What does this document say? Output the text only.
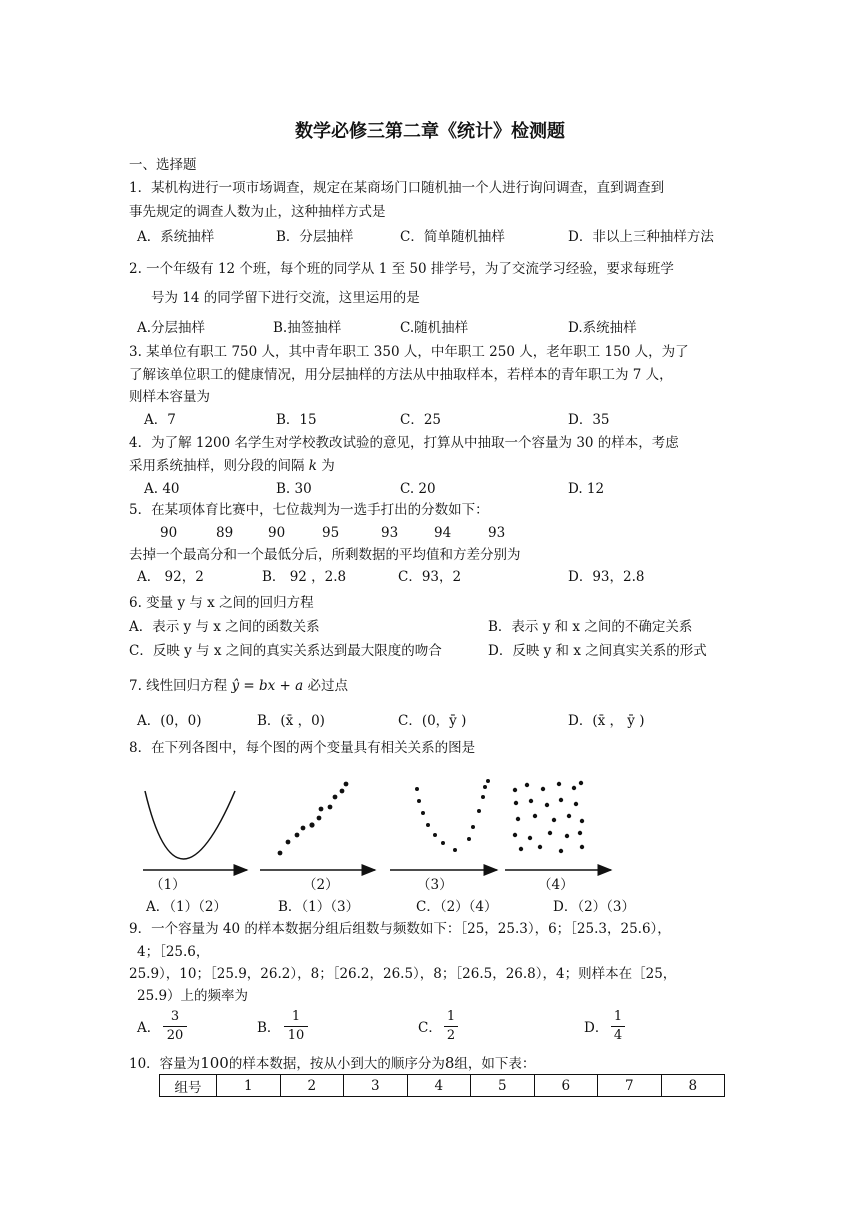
数学必修三第二章《统计》检测题
一、选择题
1．某机构进行一项市场调查，规定在某商场门口随机抽一个人进行询问调查，直到调查到
事先规定的调查人数为止，这种抽样方式是
A．系统抽样	B．分层抽样	C．简单随机抽样	D．非以上三种抽样方法
2. 一个年级有 12 个班，每个班的同学从 1 至 50 排学号，为了交流学习经验，要求每班学
号为 14 的同学留下进行交流，这里运用的是
A.分层抽样	B.抽签抽样	C.随机抽样	D.系统抽样
3. 某单位有职工 750 人，其中青年职工 350 人，中年职工 250 人，老年职工 150 人，为了
了解该单位职工的健康情况，用分层抽样的方法从中抽取样本，若样本的青年职工为 7 人，
则样本容量为
A．7	B．15	C．25	D．35
4．为了解 1200 名学生对学校教改试验的意见，打算从中抽取一个容量为 30 的样本，考虑
采用系统抽样，则分段的间隔 k 为
A. 40	B. 30	C. 20	D. 12
5．在某项体育比赛中，七位裁判为一选手打出的分数如下：
90	89	90	95	93	94	93
去掉一个最高分和一个最低分后，所剩数据的平均值和方差分别为
A． 92，2	B． 92 ，2.8	C．93，2	D．93，2.8
6. 变量 y 与 x 之间的回归方程
A．表示 y 与 x 之间的函数关系	B．表示 y 和 x 之间的不确定关系
C．反映 y 与 x 之间的真实关系达到最大限度的吻合	D．反映 y 和 x 之间真实关系的形式
7. 线性回归方程 ŷ = bx + a 必过点
A．(0，0)	B．(x̄ ，0)	C．(0，ȳ )	D．(x̄ ， ȳ )
8．在下列各图中，每个图的两个变量具有相关关系的图是
（1）	（2）	（3）	（4）
A．（1）（2）	B．（1）（3）	C．（2）（4）	D．（2）（3）
9．一个容量为 40 的样本数据分组后组数与频数如下：［25，25.3），6；［25.3，25.6），
4；［25.6，
25.9），10；［25.9，26.2），8；［26.2，26.5），8；［26.5，26.8），4；则样本在［25，
25.9）上的频率为
A．
3
20	B．
1
10	C．
1
2	D．
1
4
10．容量为100的样本数据，按从小到大的顺序分为8组，如下表：
组号	1	2	3	4	5	6	7	8
